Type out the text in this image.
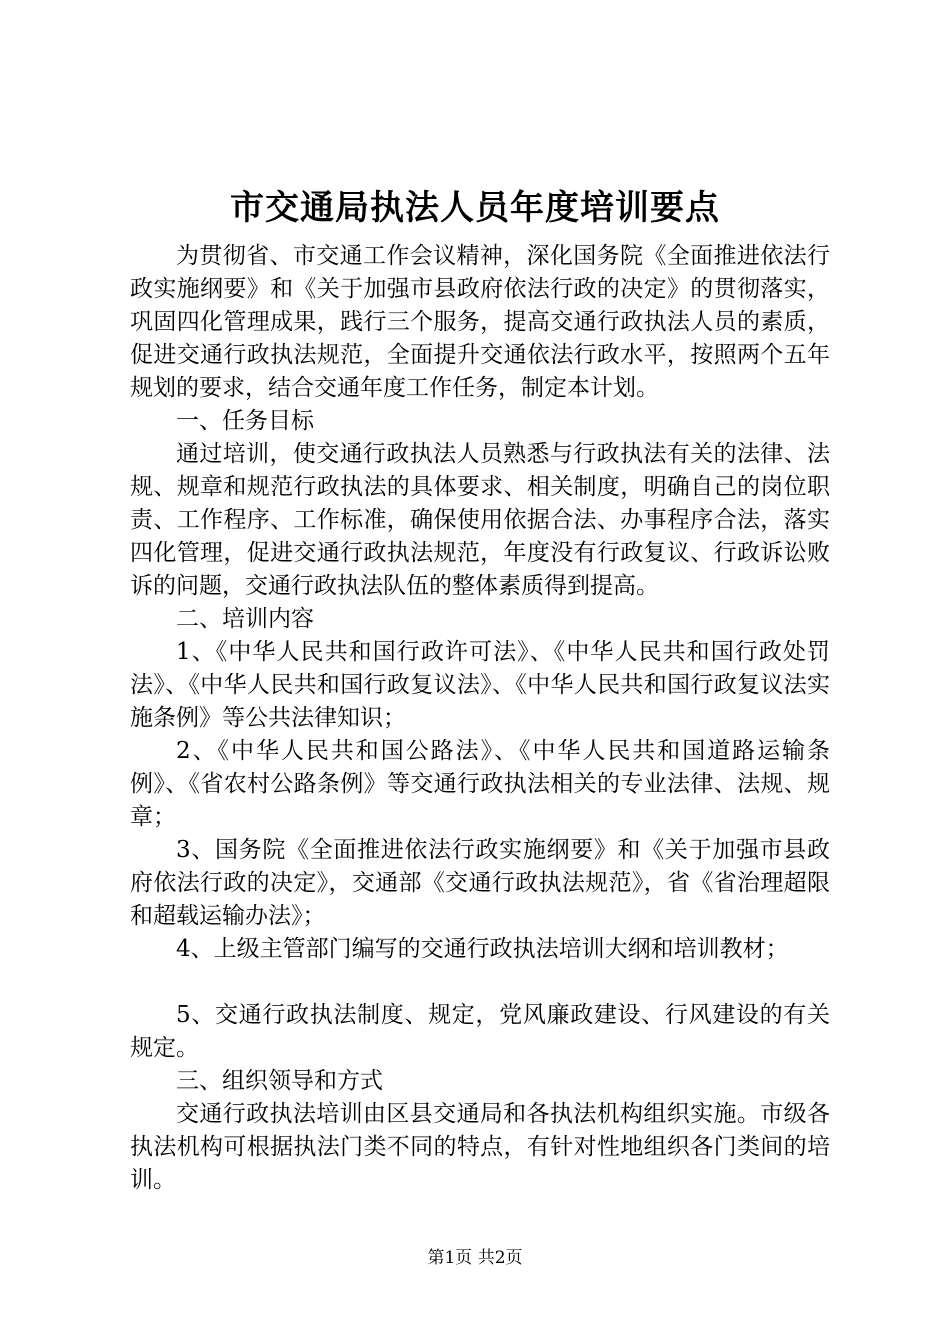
市交通局执法人员年度培训要点

为贯彻省、市交通工作会议精神，深化国务院《全面推进依法行政实施纲要》和《关于加强市县政府依法行政的决定》的贯彻落实，巩固四化管理成果，践行三个服务，提高交通行政执法人员的素质，促进交通行政执法规范，全面提升交通依法行政水平，按照两个五年规划的要求，结合交通年度工作任务，制定本计划。

一、任务目标

通过培训，使交通行政执法人员熟悉与行政执法有关的法律、法规、规章和规范行政执法的具体要求、相关制度，明确自己的岗位职责、工作程序、工作标准，确保使用依据合法、办事程序合法，落实四化管理，促进交通行政执法规范，年度没有行政复议、行政诉讼败诉的问题，交通行政执法队伍的整体素质得到提高。

二、培训内容

1、《中华人民共和国行政许可法》、《中华人民共和国行政处罚法》、《中华人民共和国行政复议法》、《中华人民共和国行政复议法实施条例》等公共法律知识；

2、《中华人民共和国公路法》、《中华人民共和国道路运输条例》、《省农村公路条例》等交通行政执法相关的专业法律、法规、规章；

3、国务院《全面推进依法行政实施纲要》和《关于加强市县政府依法行政的决定》，交通部《交通行政执法规范》，省《省治理超限和超载运输办法》；

4、上级主管部门编写的交通行政执法培训大纲和培训教材；

5、交通行政执法制度、规定，党风廉政建设、行风建设的有关规定。

三、组织领导和方式

交通行政执法培训由区县交通局和各执法机构组织实施。市级各执法机构可根据执法门类不同的特点，有针对性地组织各门类间的培训。

第1页 共2页
